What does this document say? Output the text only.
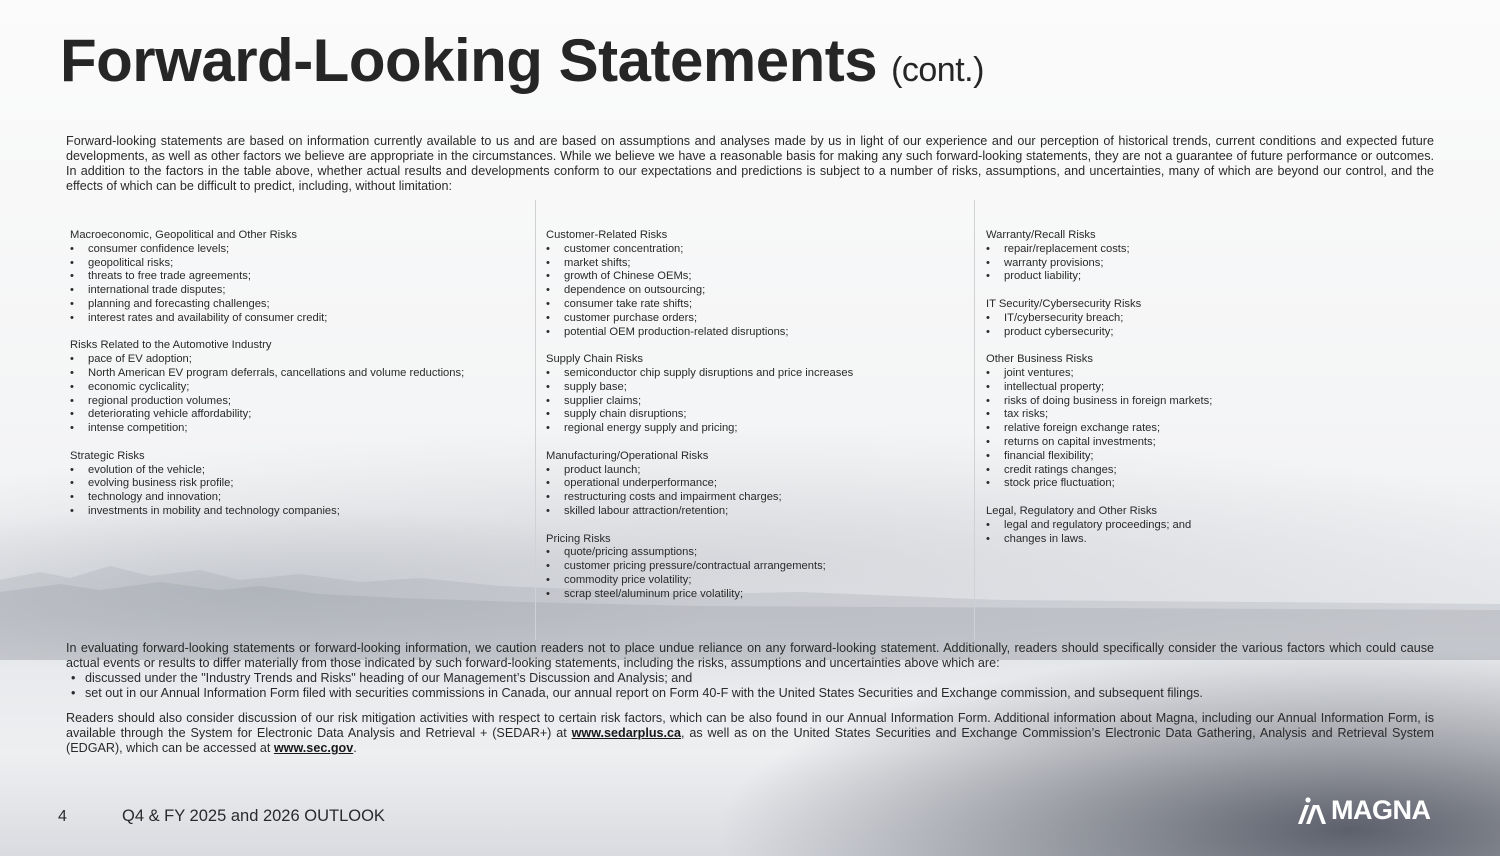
Forward-Looking Statements (cont.)
Forward-looking statements are based on information currently available to us and are based on assumptions and analyses made by us in light of our experience and our perception of historical trends, current conditions and expected future developments, as well as other factors we believe are appropriate in the circumstances. While we believe we have a reasonable basis for making any such forward-looking statements, they are not a guarantee of future performance or outcomes. In addition to the factors in the table above, whether actual results and developments conform to our expectations and predictions is subject to a number of risks, assumptions, and uncertainties, many of which are beyond our control, and the effects of which can be difficult to predict, including, without limitation:
Macroeconomic, Geopolitical and Other Risks
• consumer confidence levels;
• geopolitical risks;
• threats to free trade agreements;
• international trade disputes;
• planning and forecasting challenges;
• interest rates and availability of consumer credit;
Risks Related to the Automotive Industry
• pace of EV adoption;
• North American EV program deferrals, cancellations and volume reductions;
• economic cyclicality;
• regional production volumes;
• deteriorating vehicle affordability;
• intense competition;
Strategic Risks
• evolution of the vehicle;
• evolving business risk profile;
• technology and innovation;
• investments in mobility and technology companies;
Customer-Related Risks
• customer concentration;
• market shifts;
• growth of Chinese OEMs;
• dependence on outsourcing;
• consumer take rate shifts;
• customer purchase orders;
• potential OEM production-related disruptions;
Supply Chain Risks
• semiconductor chip supply disruptions and price increases
• supply base;
• supplier claims;
• supply chain disruptions;
• regional energy supply and pricing;
Manufacturing/Operational Risks
• product launch;
• operational underperformance;
• restructuring costs and impairment charges;
• skilled labour attraction/retention;
Pricing Risks
• quote/pricing assumptions;
• customer pricing pressure/contractual arrangements;
• commodity price volatility;
• scrap steel/aluminum price volatility;
Warranty/Recall Risks
• repair/replacement costs;
• warranty provisions;
• product liability;
IT Security/Cybersecurity Risks
• IT/cybersecurity breach;
• product cybersecurity;
Other Business Risks
• joint ventures;
• intellectual property;
• risks of doing business in foreign markets;
• tax risks;
• relative foreign exchange rates;
• returns on capital investments;
• financial flexibility;
• credit ratings changes;
• stock price fluctuation;
Legal, Regulatory and Other Risks
• legal and regulatory proceedings; and
• changes in laws.

In evaluating forward-looking statements or forward-looking information, we caution readers not to place undue reliance on any forward-looking statement. Additionally, readers should specifically consider the various factors which could cause actual events or results to differ materially from those indicated by such forward-looking statements, including the risks, assumptions and uncertainties above which are:

• discussed under the "Industry Trends and Risks" heading of our Management’s Discussion and Analysis; and
• set out in our Annual Information Form filed with securities commissions in Canada, our annual report on Form 40-F with the United States Securities and Exchange commission, and subsequent filings.

Readers should also consider discussion of our risk mitigation activities with respect to certain risk factors, which can be also found in our Annual Information Form. Additional information about Magna, including our Annual Information Form, is available through the System for Electronic Data Analysis and Retrieval + (SEDAR+) at www.sedarplus.ca, as well as on the United States Securities and Exchange Commission’s Electronic Data Gathering, Analysis and Retrieval System (EDGAR), which can be accessed at www.sec.gov.

4	Q4 & FY 2025 and 2026 OUTLOOK	MAGNA
